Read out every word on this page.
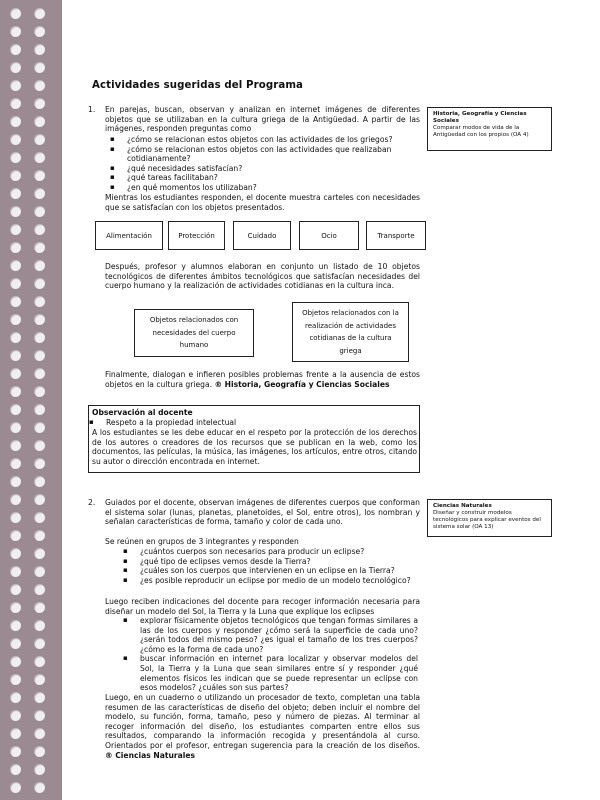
Actividades sugeridas del Programa
1. En parejas, buscan, observan y analizan en internet imágenes de diferentes objetos que se utilizaban en la cultura griega de la Antigüedad. A partir de las imágenes, responden preguntas como
▪ ¿cómo se relacionan estos objetos con las actividades de los griegos?
▪ ¿cómo se relacionan estos objetos con las actividades que realizaban cotidianamente?
▪ ¿qué necesidades satisfacían?
▪ ¿qué tareas facilitaban?
▪ ¿en qué momentos los utilizaban?
Mientras los estudiantes responden, el docente muestra carteles con necesidades que se satisfacían con los objetos presentados.
Alimentación	Protección	Cuidado	Ocio	Transporte
Después, profesor y alumnos elaboran en conjunto un listado de 10 objetos tecnológicos de diferentes ámbitos tecnológicos que satisfacían necesidades del cuerpo humano y la realización de actividades cotidianas en la cultura inca.
Objetos relacionados con necesidades del cuerpo humano
Objetos relacionados con la realización de actividades cotidianas de la cultura griega
Finalmente, dialogan e infieren posibles problemas frente a la ausencia de estos objetos en la cultura griega. ® Historia, Geografía y Ciencias Sociales
Historia, Geografía y Ciencias Sociales
Comparar modos de vida de la Antigüedad con los propios (OA 4)
Observación al docente
▪ Respeto a la propiedad intelectual
A los estudiantes se les debe educar en el respeto por la protección de los derechos de los autores o creadores de los recursos que se publican en la web, como los documentos, las películas, la música, las imágenes, los artículos, entre otros, citando su autor o dirección encontrada en internet.
2. Guiados por el docente, observan imágenes de diferentes cuerpos que conforman el sistema solar (lunas, planetas, planetoides, el Sol, entre otros), los nombran y señalan características de forma, tamaño y color de cada uno.
Se reúnen en grupos de 3 integrantes y responden
▪ ¿cuántos cuerpos son necesarios para producir un eclipse?
▪ ¿qué tipo de eclipses vemos desde la Tierra?
▪ ¿cuáles son los cuerpos que intervienen en un eclipse en la Tierra?
▪ ¿es posible reproducir un eclipse por medio de un modelo tecnológico?
Luego reciben indicaciones del docente para recoger información necesaria para diseñar un modelo del Sol, la Tierra y la Luna que explique los eclipses
▪ explorar físicamente objetos tecnológicos que tengan formas similares a las de los cuerpos y responder ¿cómo será la superficie de cada uno? ¿serán todos del mismo peso? ¿es igual el tamaño de los tres cuerpos? ¿cómo es la forma de cada uno?
▪ buscar información en internet para localizar y observar modelos del Sol, la Tierra y la Luna que sean similares entre sí y responder ¿qué elementos físicos les indican que se puede representar un eclipse con esos modelos? ¿cuáles son sus partes?
Luego, en un cuaderno o utilizando un procesador de texto, completan una tabla resumen de las características de diseño del objeto; deben incluir el nombre del modelo, su función, forma, tamaño, peso y número de piezas. Al terminar al recoger información del diseño, los estudiantes comparten entre ellos sus resultados, comparando la información recogida y presentándola al curso. Orientados por el profesor, entregan sugerencia para la creación de los diseños. ® Ciencias Naturales
Ciencias Naturales
Diseñar y construir modelos tecnológicos para explicar eventos del sistema solar (OA 13)
